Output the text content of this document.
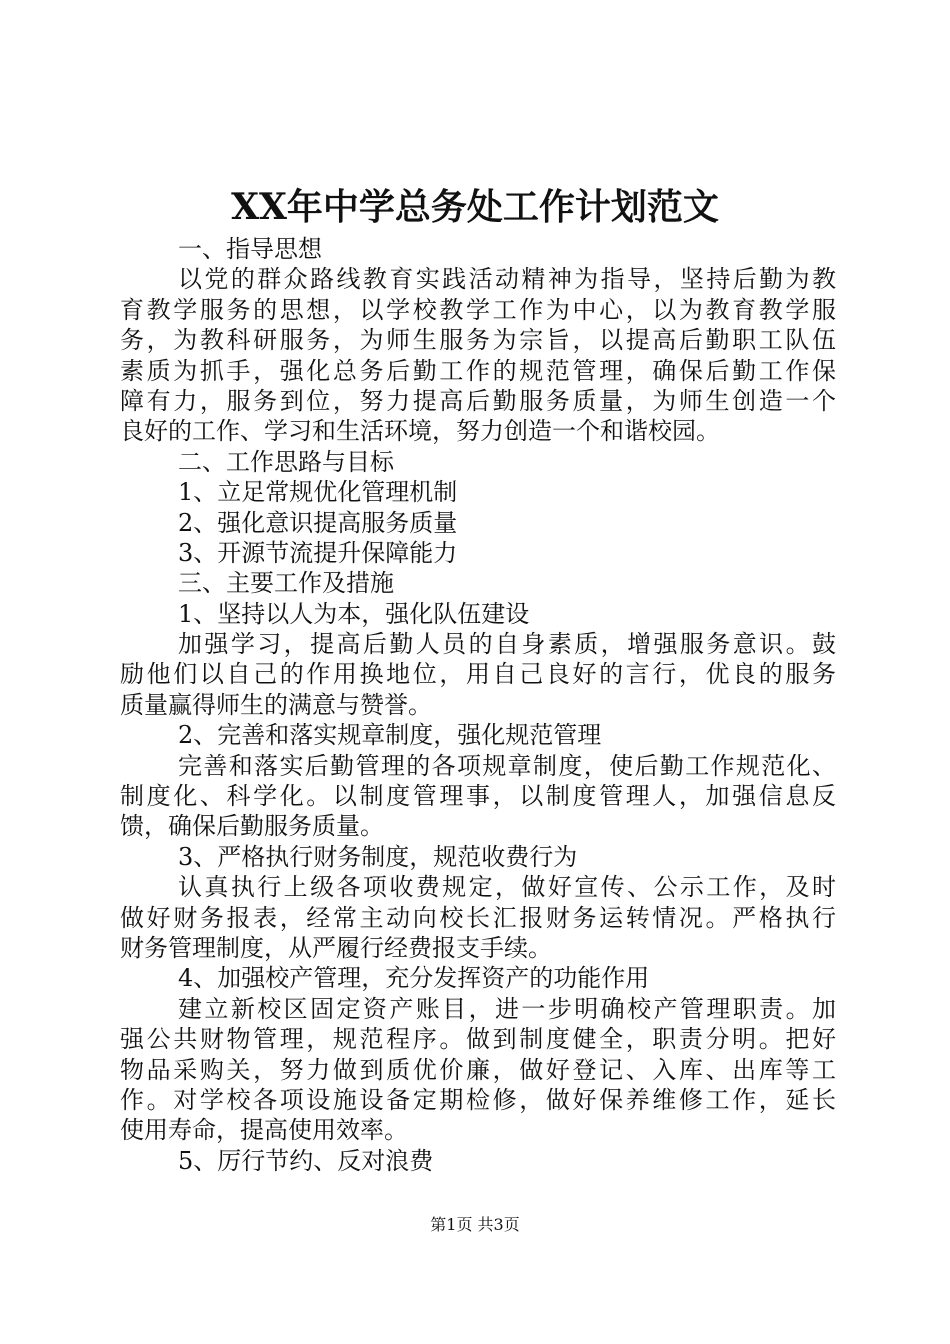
XX年中学总务处工作计划范文
一、指导思想
以党的群众路线教育实践活动精神为指导，坚持后勤为教
育教学服务的思想，以学校教学工作为中心，以为教育教学服
务，为教科研服务，为师生服务为宗旨，以提高后勤职工队伍
素质为抓手，强化总务后勤工作的规范管理，确保后勤工作保
障有力，服务到位，努力提高后勤服务质量，为师生创造一个
良好的工作、学习和生活环境，努力创造一个和谐校园。
二、工作思路与目标
1、立足常规优化管理机制
2、强化意识提高服务质量
3、开源节流提升保障能力
三、主要工作及措施
1、坚持以人为本，强化队伍建设
加强学习，提高后勤人员的自身素质，增强服务意识。鼓
励他们以自己的作用换地位，用自己良好的言行，优良的服务
质量赢得师生的满意与赞誉。
2、完善和落实规章制度，强化规范管理
完善和落实后勤管理的各项规章制度，使后勤工作规范化、
制度化、科学化。以制度管理事，以制度管理人，加强信息反
馈，确保后勤服务质量。
3、严格执行财务制度，规范收费行为
认真执行上级各项收费规定，做好宣传、公示工作，及时
做好财务报表，经常主动向校长汇报财务运转情况。严格执行
财务管理制度，从严履行经费报支手续。
4、加强校产管理，充分发挥资产的功能作用
建立新校区固定资产账目，进一步明确校产管理职责。加
强公共财物管理，规范程序。做到制度健全，职责分明。把好
物品采购关，努力做到质优价廉，做好登记、入库、出库等工
作。对学校各项设施设备定期检修，做好保养维修工作，延长
使用寿命，提高使用效率。
5、厉行节约、反对浪费
第1页 共3页
